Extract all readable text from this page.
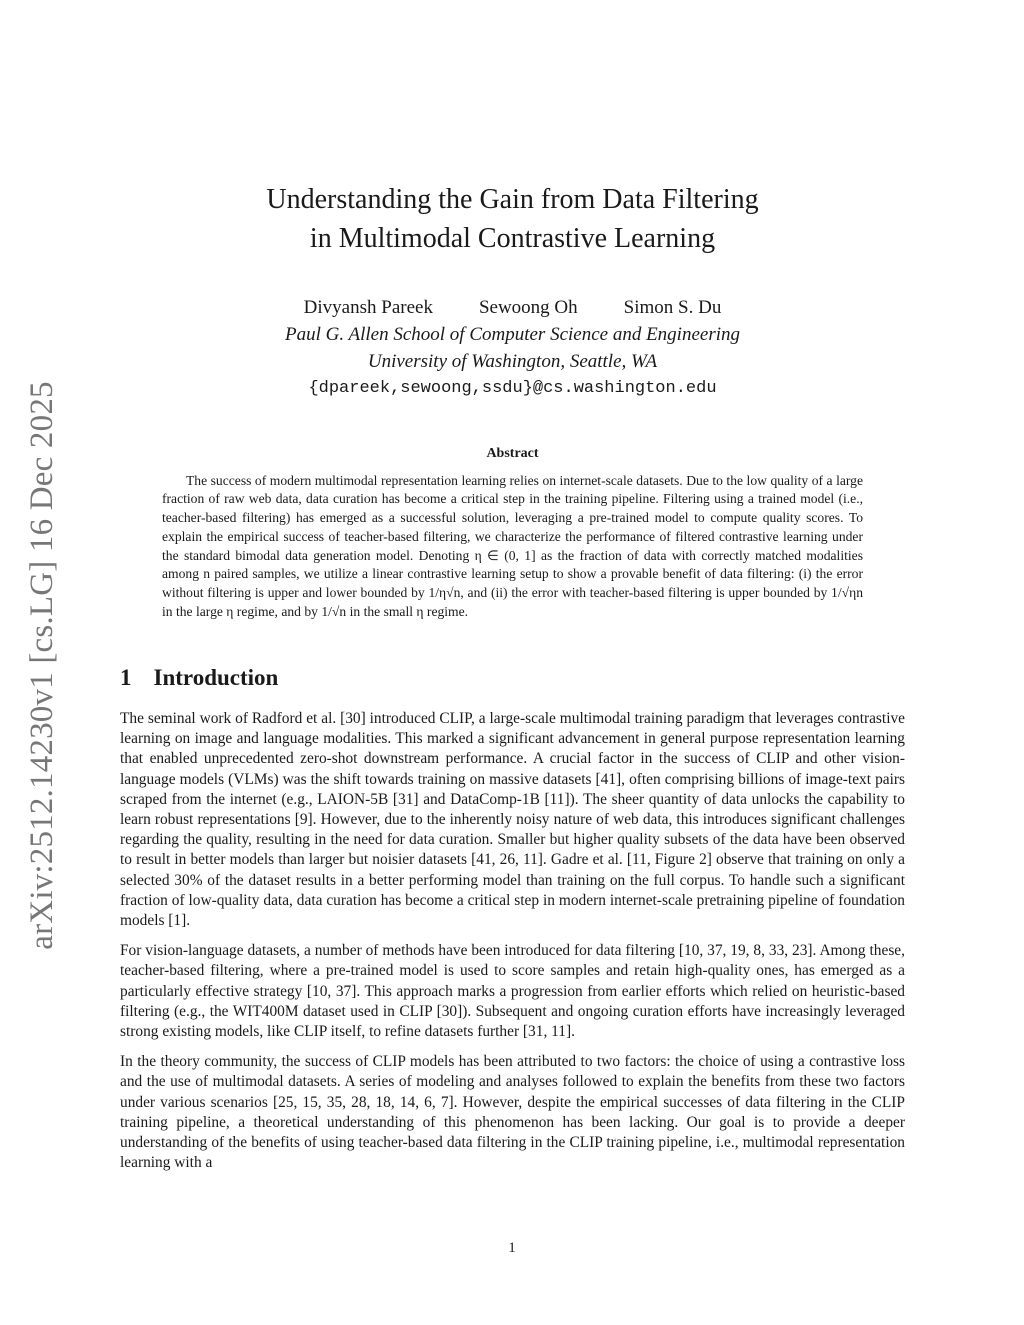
arXiv:2512.14230v1 [cs.LG] 16 Dec 2025
Understanding the Gain from Data Filtering
in Multimodal Contrastive Learning
Divyansh Pareek Sewoong Oh Simon S. Du
Paul G. Allen School of Computer Science and Engineering
University of Washington, Seattle, WA
{dpareek,sewoong,ssdu}@cs.washington.edu
Abstract

The success of modern multimodal representation learning relies on internet-scale datasets. Due to the low quality of a large fraction of raw web data, data curation has become a critical step in the training pipeline. Filtering using a trained model (i.e., teacher-based filtering) has emerged as a successful solution, leveraging a pre-trained model to compute quality scores. To explain the empirical success of teacher-based filtering, we characterize the performance of filtered contrastive learning under the standard bimodal data generation model. Denoting η ∈ (0, 1] as the fraction of data with correctly matched modalities among n paired samples, we utilize a linear contrastive learning setup to show a provable benefit of data filtering: (i) the error without filtering is upper and lower bounded by 1/η√n, and (ii) the error with teacher-based filtering is upper bounded by 1/√ηn in the large η regime, and by 1/√n in the small η regime.

1 Introduction

The seminal work of Radford et al. [30] introduced CLIP, a large-scale multimodal training paradigm that leverages contrastive learning on image and language modalities. This marked a significant advancement in general purpose representation learning that enabled unprecedented zero-shot downstream performance. A crucial factor in the success of CLIP and other vision-language models (VLMs) was the shift towards training on massive datasets [41], often comprising billions of image-text pairs scraped from the internet (e.g., LAION-5B [31] and DataComp-1B [11]). The sheer quantity of data unlocks the capability to learn robust representations [9]. However, due to the inherently noisy nature of web data, this introduces significant challenges regarding the quality, resulting in the need for data curation. Smaller but higher quality subsets of the data have been observed to result in better models than larger but noisier datasets [41, 26, 11]. Gadre et al. [11, Figure 2] observe that training on only a selected 30% of the dataset results in a better performing model than training on the full corpus. To handle such a significant fraction of low-quality data, data curation has become a critical step in modern internet-scale pretraining pipeline of foundation models [1].

For vision-language datasets, a number of methods have been introduced for data filtering [10, 37, 19, 8, 33, 23]. Among these, teacher-based filtering, where a pre-trained model is used to score samples and retain high-quality ones, has emerged as a particularly effective strategy [10, 37]. This approach marks a progression from earlier efforts which relied on heuristic-based filtering (e.g., the WIT400M dataset used in CLIP [30]). Subsequent and ongoing curation efforts have increasingly leveraged strong existing models, like CLIP itself, to refine datasets further [31, 11].

In the theory community, the success of CLIP models has been attributed to two factors: the choice of using a contrastive loss and the use of multimodal datasets. A series of modeling and analyses followed to explain the benefits from these two factors under various scenarios [25, 15, 35, 28, 18, 14, 6, 7]. However, despite the empirical successes of data filtering in the CLIP training pipeline, a theoretical understanding of this phenomenon has been lacking. Our goal is to provide a deeper understanding of the benefits of using teacher-based data filtering in the CLIP training pipeline, i.e., multimodal representation learning with a

1
